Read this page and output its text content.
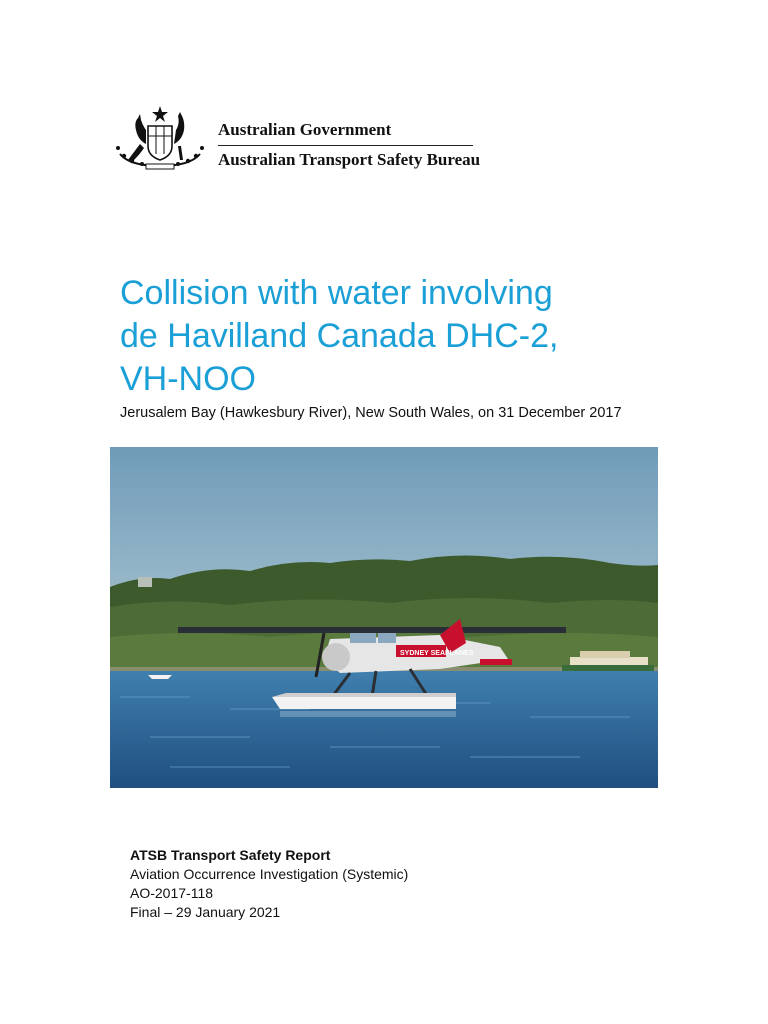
Australian Government
Australian Transport Safety Bureau
Collision with water involving
de Havilland Canada DHC-2,
VH-NOO
Jerusalem Bay (Hawkesbury River), New South Wales, on 31 December 2017
SYDNEY SEAPLANES
ATSB Transport Safety Report
Aviation Occurrence Investigation (Systemic)
AO-2017-118
Final – 29 January 2021
